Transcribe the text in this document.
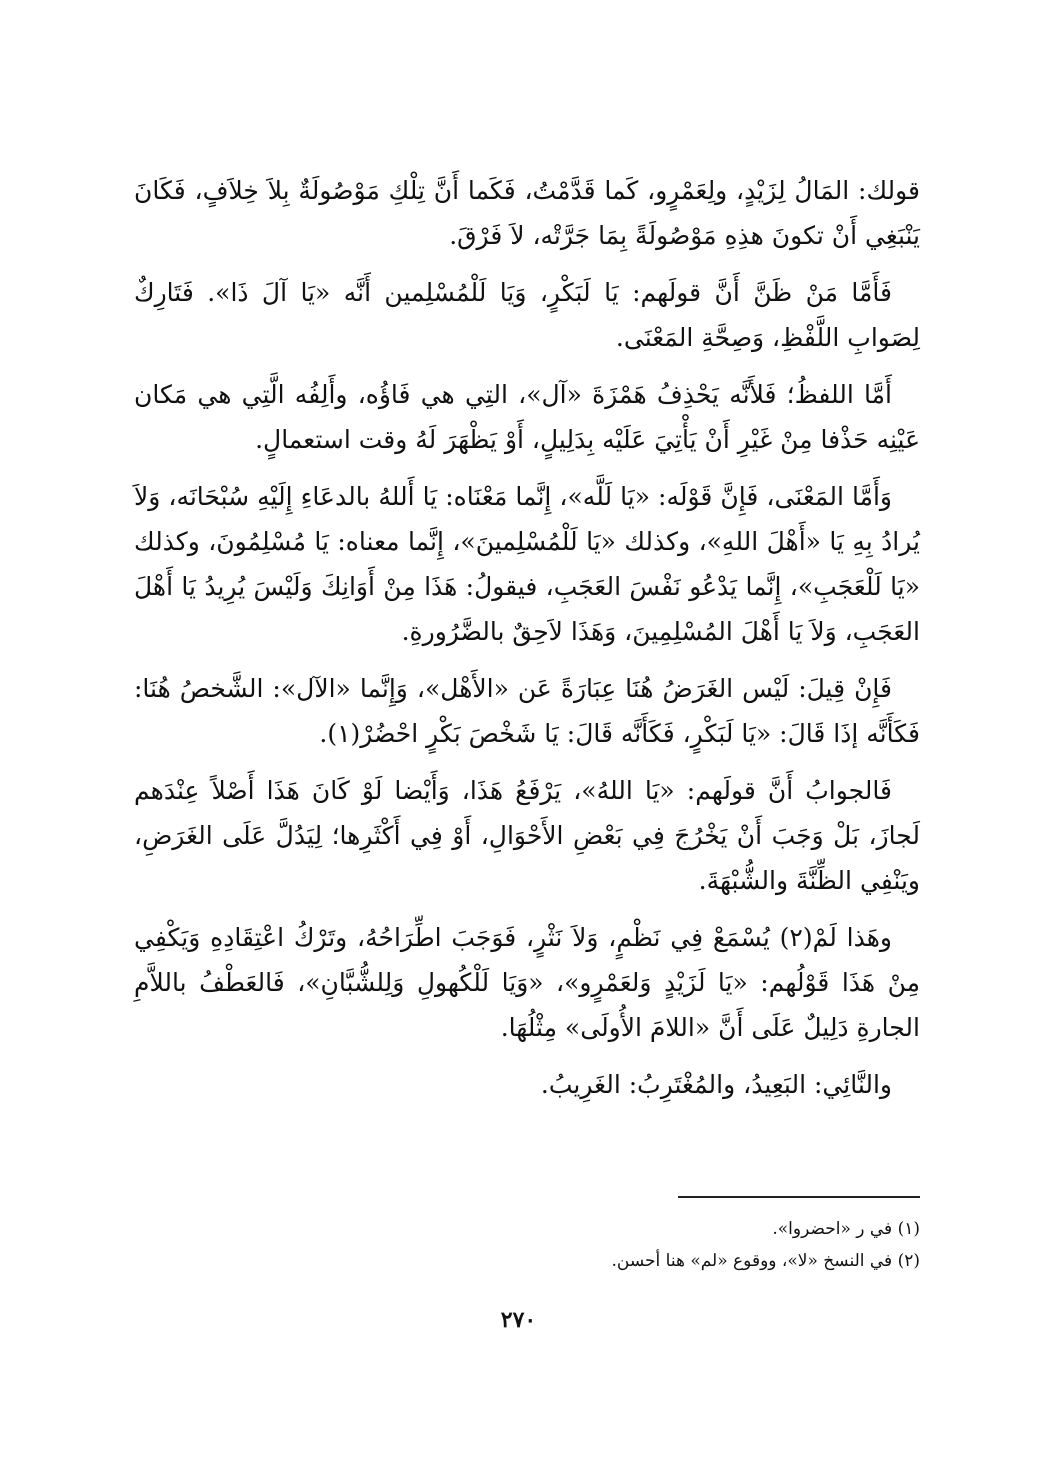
قولك: المَالُ لِزَيْدٍ، ولِعَمْرٍو، كَما قَدَّمْتُ، فَكَما أَنَّ تِلْكِ مَوْصُولَةٌ بِلاَ خِلاَفٍ، فَكَانَ يَنْبَغِي أَنْ تكونَ هذِهِ مَوْصُولَةً بِمَا جَرَّتْه، لاَ فَرْقَ.

فَأَمَّا مَنْ ظَنَّ أَنَّ قولَهم: يَا لَبَكْرٍ، وَيَا لَلْمُسْلِمين أَنَّه «يَا آلَ ذَا». فَتَارِكٌ لِصَوابِ اللَّفْظِ، وَصِحَّةِ المَعْنَى.

أَمَّا اللفظُ؛ فَلأَنَّه يَحْذِفُ هَمْزَةَ «آل»، التِي هي فَاؤُه، وأَلِفُه الَّتِي هي مَكان عَيْنِه حَذْفا مِنْ غَيْرِ أَنْ يَأْتِيَ عَلَيْه بِدَلِيلٍ، أَوْ يَظْهَرَ لَهُ وقت استعمالٍ.

وَأَمَّا المَعْنَى، فَإِنَّ قَوْلَه: «يَا لَلَّه»، إِنَّما مَعْنَاه: يَا أَللهُ بالدعَاءِ إِلَيْهِ سُبْحَانَه، وَلاَ يُرادُ بِهِ يَا «أَهْلَ اللهِ»، وكذلك «يَا لَلْمُسْلِمينَ»، إِنَّما معناه: يَا مُسْلِمُونَ، وكذلك «يَا لَلْعَجَبِ»، إِنَّما يَدْعُو نَفْسَ العَجَبِ، فيقولُ: هَذَا مِنْ أَوَانِكَ وَلَيْسَ يُرِيدُ يَا أَهْلَ العَجَبِ، وَلاَ يَا أَهْلَ المُسْلِمِينَ، وَهَذَا لاَحِقٌ بالضَّرُورةِ.

فَإِنْ قِيلَ: لَيْس الغَرَضُ هُنَا عِبَارَةً عَن «الأَهْل»، وَإِنَّما «الآل»: الشَّخصُ هُنَا: فَكَأَنَّه إذَا قَالَ: «يَا لَبَكْرٍ، فَكَأَنَّه قَالَ: يَا شَخْصَ بَكْرٍ احْضُرْ(١).

فَالجوابُ أَنَّ قولَهم: «يَا اللهُ»، يَرْفَعُ هَذَا، وَأَيْضا لَوْ كَانَ هَذَا أَصْلاً عِنْدَهم لَجازَ، بَلْ وَجَبَ أَنْ يَخْرُجَ فِي بَعْضِ الأَحْوَالِ، أَوْ فِي أَكْثَرِها؛ لِيَدُلَّ عَلَى الغَرَضِ، ويَنْفِي الظِّنَّةَ والشُّبْهَةَ.

وهَذا لَمْ(٢) يُسْمَعْ فِي نَظْمٍ، وَلاَ نَثْرٍ، فَوَجَبَ اطِّرَاحُهُ، وتَرْكُ اعْتِقَادِهِ وَيَكْفِي مِنْ هَذَا قَوْلُهم: «يَا لَزَيْدٍ وَلعَمْرٍو»، «وَيَا لَلْكُهولِ وَلِلشُّبَّانِ»، فَالعَطْفُ باللاَّمِ الجارةِ دَلِيلٌ عَلَى أَنَّ «اللامَ الأُولَى» مِثْلُهَا.

والنَّائِي: البَعِيدُ، والمُغْتَرِبُ: الغَرِيبُ.

(١) في ر «احضروا».

(٢) في النسخ «لا»، ووقوع «لم» هنا أحسن.

٢٧٠
